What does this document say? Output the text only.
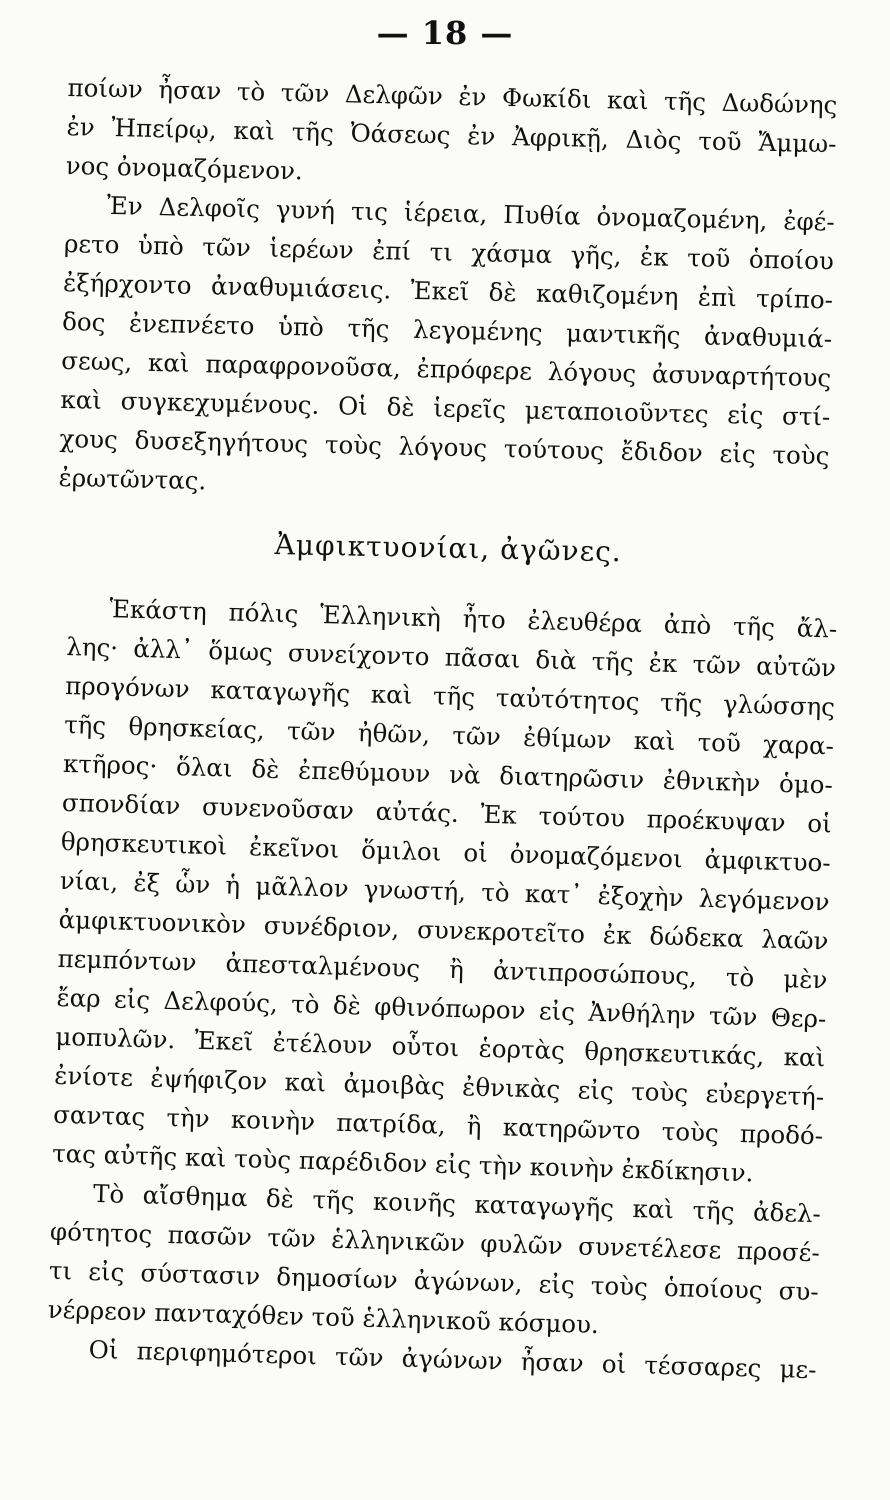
— 18 —
ποίων ἦσαν τὸ τῶν Δελφῶν ἐν Φωκίδι καὶ τῆς Δωδώνης
ἐν Ἠπείρῳ, καὶ τῆς Ὀάσεως ἐν Ἀφρικῇ, Διὸς τοῦ Ἄμμω-
νος ὀνομαζόμενον.
Ἐν Δελφοῖς γυνή τις ἱέρεια, Πυθία ὀνομαζομένη, ἐφέ-
ρετο ὑπὸ τῶν ἱερέων ἐπί τι χάσμα γῆς, ἐκ τοῦ ὁποίου
ἐξήρχοντο ἀναθυμιάσεις. Ἐκεῖ δὲ καθιζομένη ἐπὶ τρίπο-
δος ἐνεπνέετο ὑπὸ τῆς λεγομένης μαντικῆς ἀναθυμιά-
σεως, καὶ παραφρονοῦσα, ἐπρόφερε λόγους ἀσυναρτήτους
καὶ συγκεχυμένους. Οἱ δὲ ἱερεῖς μεταποιοῦντες εἰς στί-
χους δυσεξηγήτους τοὺς λόγους τούτους ἔδιδον εἰς τοὺς
ἐρωτῶντας.
Ἀμφικτυονίαι, ἀγῶνες.
Ἑκάστη πόλις Ἑλληνικὴ ἦτο ἐλευθέρα ἀπὸ τῆς ἄλ-
λης· ἀλλ᾽ ὅμως συνείχοντο πᾶσαι διὰ τῆς ἐκ τῶν αὐτῶν
προγόνων καταγωγῆς καὶ τῆς ταὐτότητος τῆς γλώσσης
τῆς θρησκείας, τῶν ἠθῶν, τῶν ἐθίμων καὶ τοῦ χαρα-
κτῆρος· ὅλαι δὲ ἐπεθύμουν νὰ διατηρῶσιν ἐθνικὴν ὁμο-
σπονδίαν συνενοῦσαν αὐτάς. Ἐκ τούτου προέκυψαν οἱ
θρησκευτικοὶ ἐκεῖνοι ὅμιλοι οἱ ὀνομαζόμενοι ἀμφικτυο-
νίαι, ἐξ ὧν ἡ μᾶλλον γνωστή, τὸ κατ᾽ ἐξοχὴν λεγόμενον
ἀμφικτυονικὸν συνέδριον, συνεκροτεῖτο ἐκ δώδεκα λαῶν
πεμπόντων ἀπεσταλμένους ἢ ἀντιπροσώπους, τὸ μὲν
ἔαρ εἰς Δελφούς, τὸ δὲ φθινόπωρον εἰς Ἀνθήλην τῶν Θερ-
μοπυλῶν. Ἐκεῖ ἐτέλουν οὗτοι ἑορτὰς θρησκευτικάς, καὶ
ἐνίοτε ἐψήφιζον καὶ ἀμοιβὰς ἐθνικὰς εἰς τοὺς εὐεργετή-
σαντας τὴν κοινὴν πατρίδα, ἢ κατηρῶντο τοὺς προδό-
τας αὐτῆς καὶ τοὺς παρέδιδον εἰς τὴν κοινὴν ἐκδίκησιν.
Τὸ αἴσθημα δὲ τῆς κοινῆς καταγωγῆς καὶ τῆς ἀδελ-
φότητος πασῶν τῶν ἑλληνικῶν φυλῶν συνετέλεσε προσέ-
τι εἰς σύστασιν δημοσίων ἀγώνων, εἰς τοὺς ὁποίους συ-
νέρρεον πανταχόθεν τοῦ ἑλληνικοῦ κόσμου.
Οἱ περιφημότεροι τῶν ἀγώνων ἦσαν οἱ τέσσαρες με-
